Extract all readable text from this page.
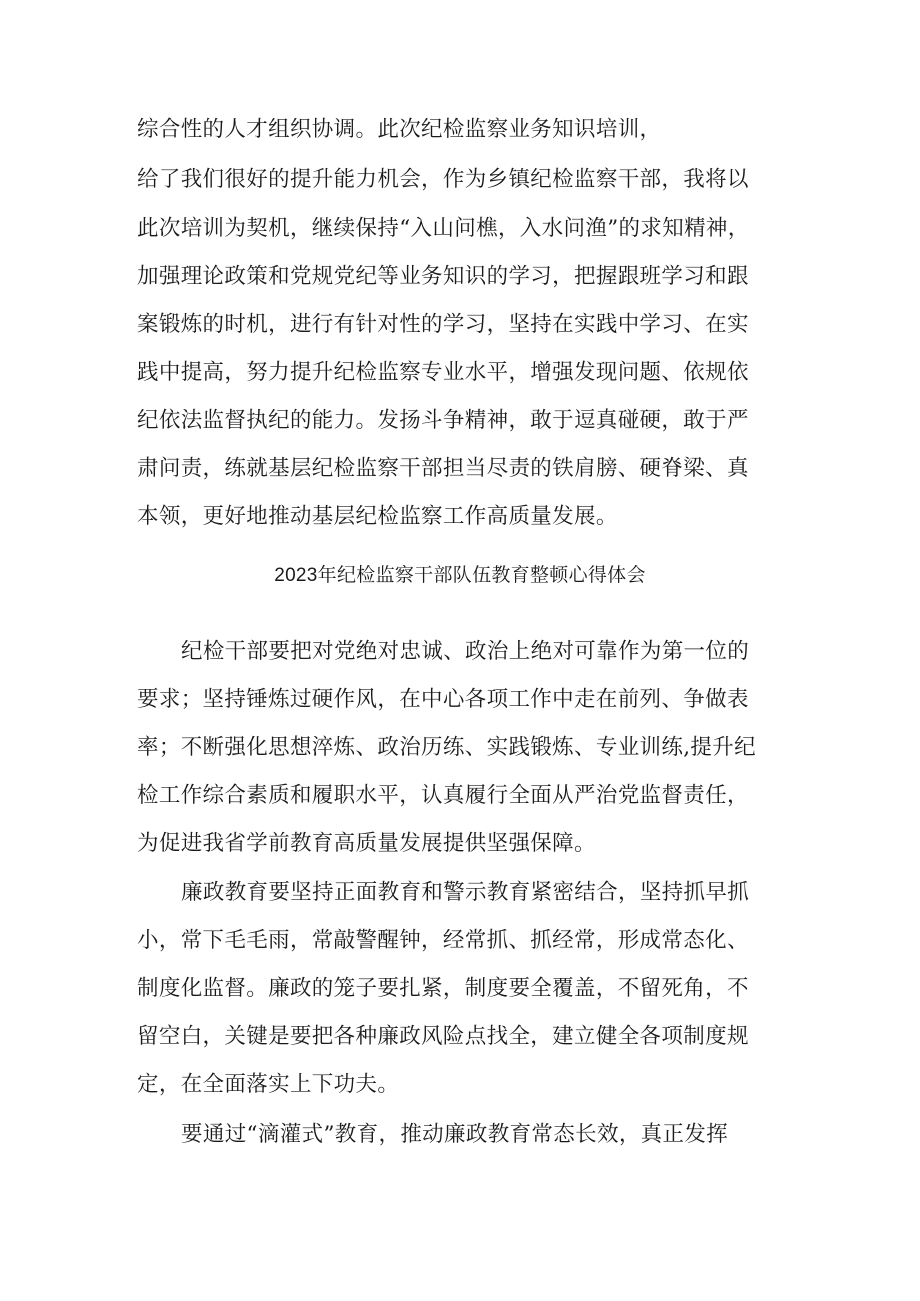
综合性的人才组织协调。此次纪检监察业务知识培训，
给了我们很好的提升能力机会，作为乡镇纪检监察干部，我将以
此次培训为契机，继续保持“入山问樵，入水问渔”的求知精神，
加强理论政策和党规党纪等业务知识的学习，把握跟班学习和跟
案锻炼的时机，进行有针对性的学习，坚持在实践中学习、在实
践中提高，努力提升纪检监察专业水平，增强发现问题、依规依
纪依法监督执纪的能力。发扬斗争精神，敢于逗真碰硬，敢于严
肃问责，练就基层纪检监察干部担当尽责的铁肩膀、硬脊梁、真
本领，更好地推动基层纪检监察工作高质量发展。
2023年纪检监察干部队伍教育整顿心得体会
纪检干部要把对党绝对忠诚、政治上绝对可靠作为第一位的
要求；坚持锤炼过硬作风，在中心各项工作中走在前列、争做表
率；不断强化思想淬炼、政治历练、实践锻炼、专业训练,提升纪
检工作综合素质和履职水平，认真履行全面从严治党监督责任，
为促进我省学前教育高质量发展提供坚强保障。
廉政教育要坚持正面教育和警示教育紧密结合，坚持抓早抓
小，常下毛毛雨，常敲警醒钟，经常抓、抓经常，形成常态化、
制度化监督。廉政的笼子要扎紧，制度要全覆盖，不留死角，不
留空白，关键是要把各种廉政风险点找全，建立健全各项制度规
定，在全面落实上下功夫。
要通过“滴灌式”教育，推动廉政教育常态长效，真正发挥
